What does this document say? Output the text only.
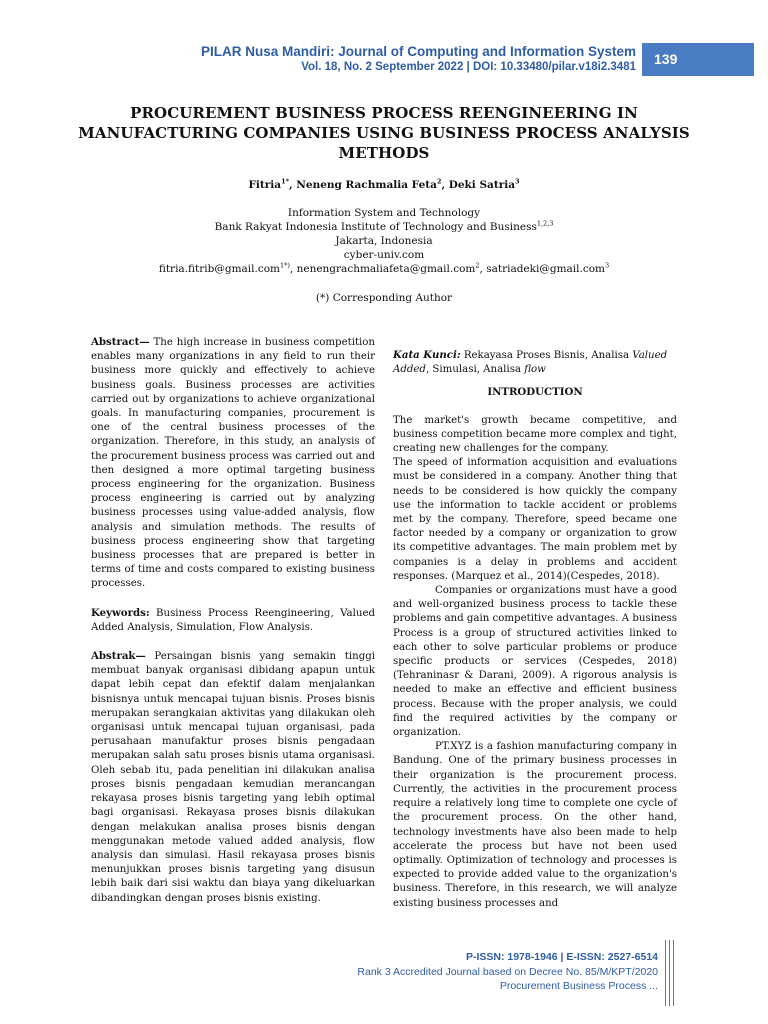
PILAR Nusa Mandiri: Journal of Computing and Information System
Vol. 18, No. 2 September 2022 | DOI: 10.33480/pilar.v18i2.3481	139
PROCUREMENT BUSINESS PROCESS REENGINEERING IN
MANUFACTURING COMPANIES USING BUSINESS PROCESS ANALYSIS
METHODS
Fitria$^{1*}$, Neneng Rachmalia Feta$^2$, Deki Satria$^3$
Information System and Technology
Bank Rakyat Indonesia Institute of Technology and Business$^{1,2,3}$
Jakarta, Indonesia
cyber-univ.com
fitria.fitrib@gmail.com$^{1*)}$, nenengrachmaliafeta@gmail.com$^2$, satriadeki@gmail.com$^3$
(*) Corresponding Author

Abstract— The high increase in business competition enables many organizations in any field to run their business more quickly and effectively to achieve business goals. Business processes are activities carried out by organizations to achieve organizational goals. In manufacturing companies, procurement is one of the central business processes of the organization. Therefore, in this study, an analysis of the procurement business process was carried out and then designed a more optimal targeting business process engineering for the organization. Business process engineering is carried out by analyzing business processes using value-added analysis, flow analysis and simulation methods. The results of business process engineering show that targeting business processes that are prepared is better in terms of time and costs compared to existing business processes.

Keywords: Business Process Reengineering, Valued Added Analysis, Simulation, Flow Analysis.

Abstrak— Persaingan bisnis yang semakin tinggi membuat banyak organisasi dibidang apapun untuk dapat lebih cepat dan efektif dalam menjalankan bisnisnya untuk mencapai tujuan bisnis. Proses bisnis merupakan serangkaian aktivitas yang dilakukan oleh organisasi untuk mencapai tujuan organisasi, pada perusahaan manufaktur proses bisnis pengadaan merupakan salah satu proses bisnis utama organisasi. Oleh sebab itu, pada penelitian ini dilakukan analisa proses bisnis pengadaan kemudian merancangan rekayasa proses bisnis targeting yang lebih optimal bagi organisasi. Rekayasa proses bisnis dilakukan dengan melakukan analisa proses bisnis dengan menggunakan metode valued added analysis, flow analysis dan simulasi. Hasil rekayasa proses bisnis menunjukkan proses bisnis targeting yang disusun lebih baik dari sisi waktu dan biaya yang dikeluarkan dibandingkan dengan proses bisnis existing.

Kata Kunci: Rekayasa Proses Bisnis, Analisa Valued Added, Simulasi, Analisa flow

INTRODUCTION

The market's growth became competitive, and business competition became more complex and tight, creating new challenges for the company.

The speed of information acquisition and evaluations must be considered in a company. Another thing that needs to be considered is how quickly the company use the information to tackle accident or problems met by the company. Therefore, speed became one factor needed by a company or organization to grow its competitive advantages. The main problem met by companies is a delay in problems and accident responses. (Marquez et al., 2014)(Cespedes, 2018).

Companies or organizations must have a good and well-organized business process to tackle these problems and gain competitive advantages. A business Process is a group of structured activities linked to each other to solve particular problems or produce specific products or services (Cespedes, 2018)(Tehraninasr & Darani, 2009). A rigorous analysis is needed to make an effective and efficient business process. Because with the proper analysis, we could find the required activities by the company or organization.

PT.XYZ is a fashion manufacturing company in Bandung. One of the primary business processes in their organization is the procurement process. Currently, the activities in the procurement process require a relatively long time to complete one cycle of the procurement process. On the other hand, technology investments have also been made to help accelerate the process but have not been used optimally. Optimization of technology and processes is expected to provide added value to the organization's business. Therefore, in this research, we will analyze existing business processes and

P-ISSN: 1978-1946 | E-ISSN: 2527-6514
Rank 3 Accredited Journal based on Decree No. 85/M/KPT/2020
Procurement Business Process ...
